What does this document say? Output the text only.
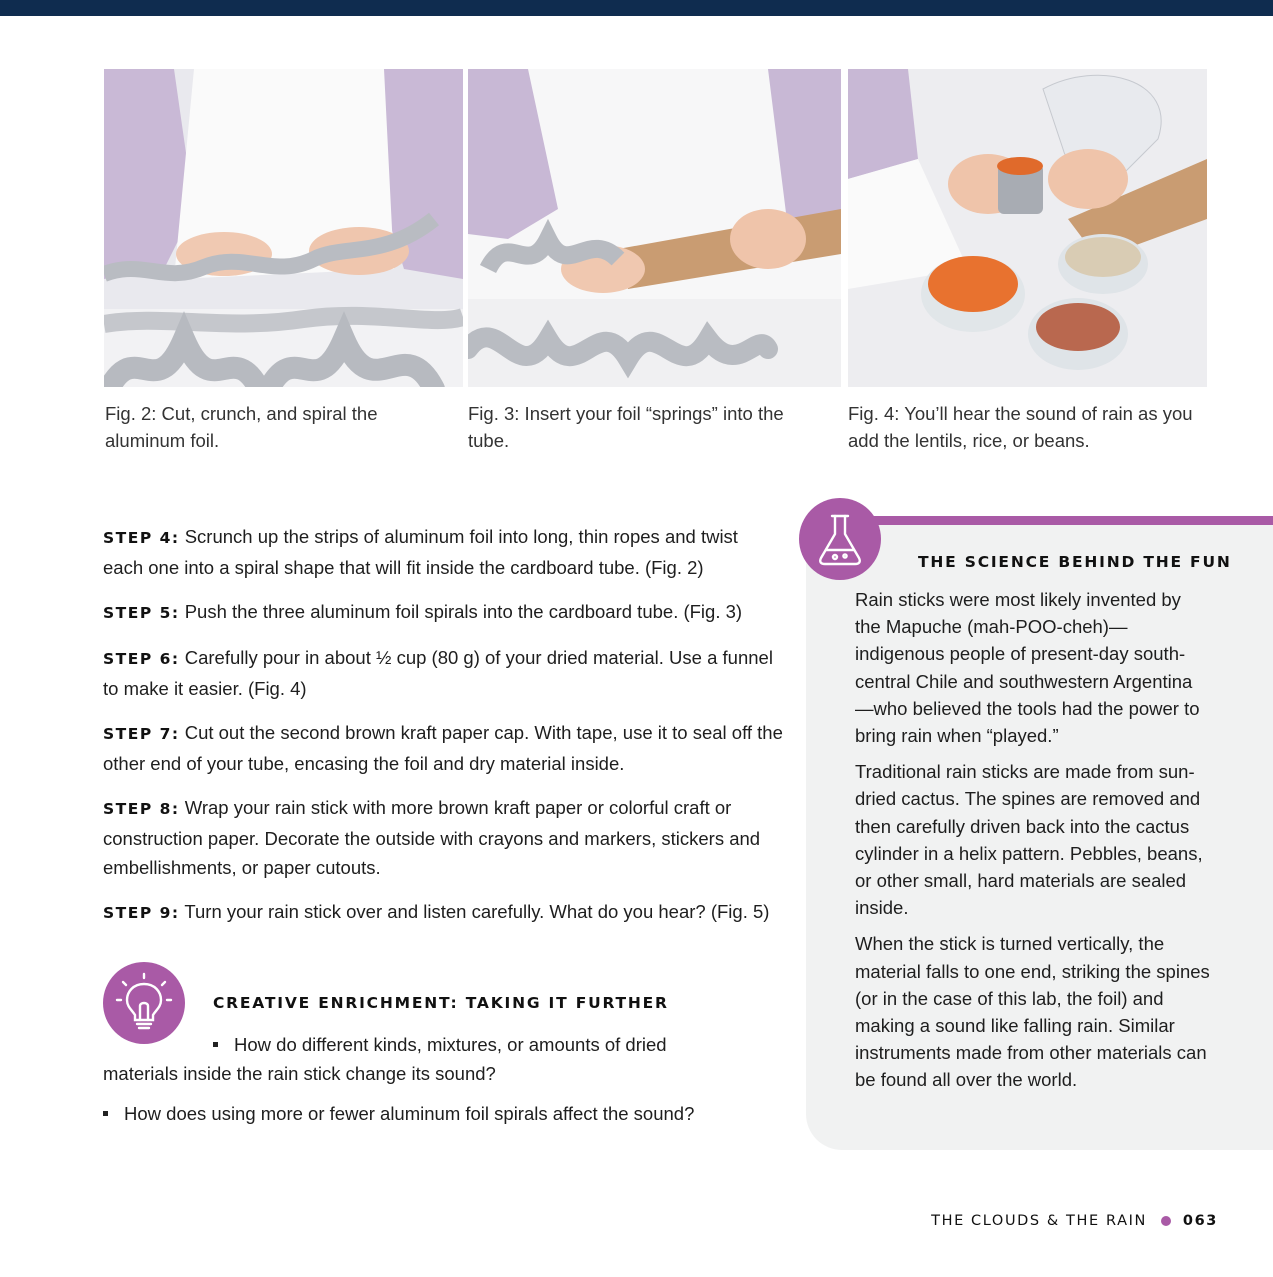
Fig. 2: Cut, crunch, and spiral the aluminum foil.
Fig. 3: Insert your foil “springs” into the tube.
Fig. 4: You’ll hear the sound of rain as you add the lentils, rice, or beans.

STEP 4: Scrunch up the strips of aluminum foil into long, thin ropes and twist each one into a spiral shape that will fit inside the cardboard tube. (Fig. 2)

STEP 5: Push the three aluminum foil spirals into the cardboard tube. (Fig. 3)

STEP 6: Carefully pour in about ½ cup (80 g) of your dried material. Use a funnel to make it easier. (Fig. 4)

STEP 7: Cut out the second brown kraft paper cap. With tape, use it to seal off the other end of your tube, encasing the foil and dry material inside.

STEP 8: Wrap your rain stick with more brown kraft paper or colorful craft or construction paper. Decorate the outside with crayons and markers, stickers and embellishments, or paper cutouts.

STEP 9: Turn your rain stick over and listen carefully. What do you hear? (Fig. 5)

CREATIVE ENRICHMENT: TAKING IT FURTHER
How do different kinds, mixtures, or amounts of dried materials inside the rain stick change its sound?
How does using more or fewer aluminum foil spirals affect the sound?
THE SCIENCE BEHIND THE FUN

Rain sticks were most likely invented by the Mapuche (mah-POO-cheh)—indigenous people of present-day south-central Chile and southwestern Argentina—who believed the tools had the power to bring rain when “played.”

Traditional rain sticks are made from sun-dried cactus. The spines are removed and then carefully driven back into the cactus cylinder in a helix pattern. Pebbles, beans, or other small, hard materials are sealed inside.

When the stick is turned vertically, the material falls to one end, striking the spines (or in the case of this lab, the foil) and making a sound like falling rain. Similar instruments made from other materials can be found all over the world.

THE CLOUDS & THE RAIN 063
